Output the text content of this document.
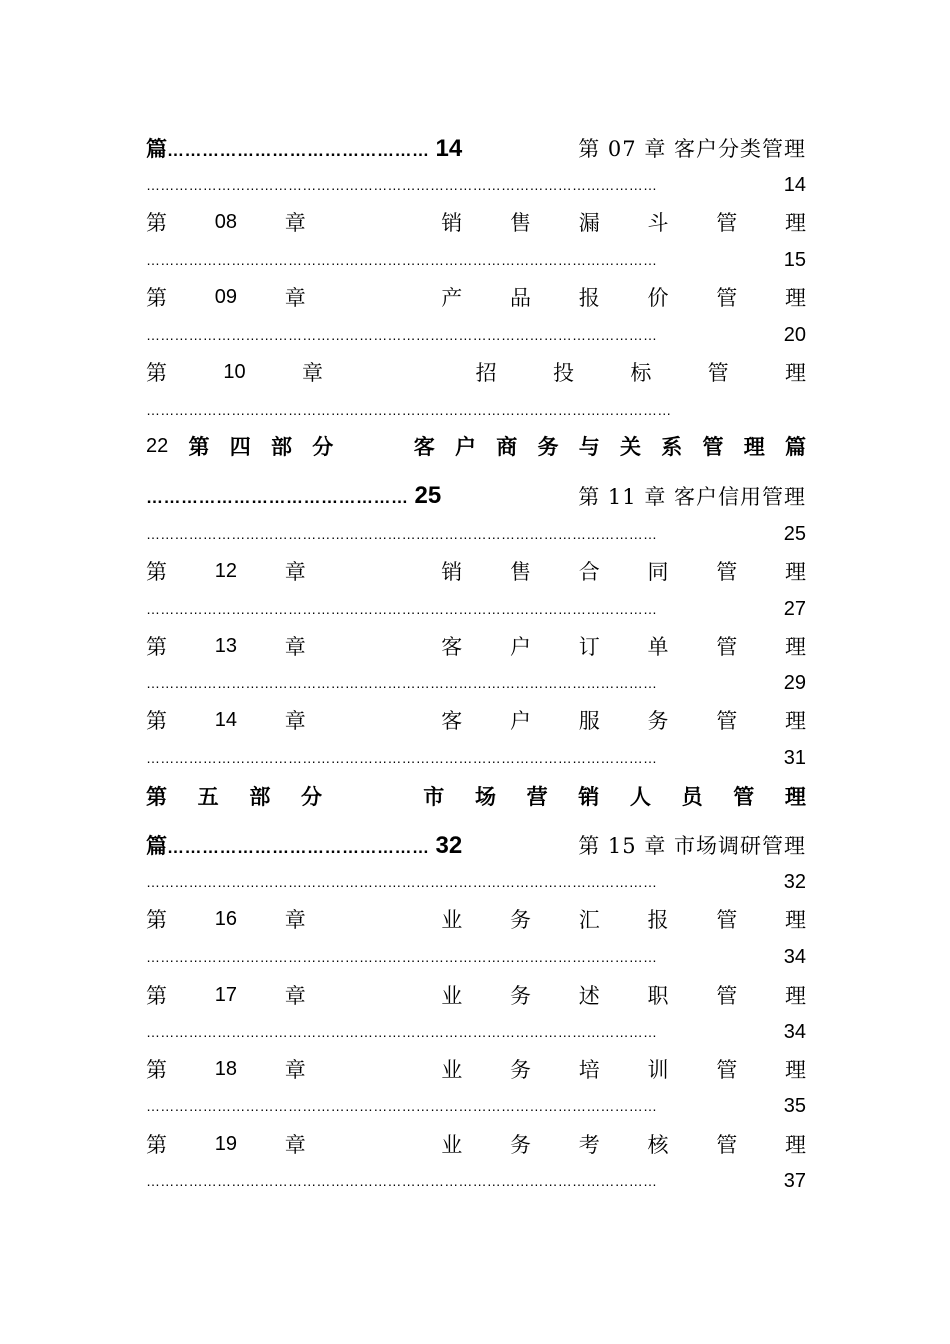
篇……………………………………… 14	第 07 章 客户分类管理
………………………………………………………………………………………………	14
第 08 章	销 售 漏 斗 管 理
………………………………………………………………………………………………	15
第 09 章	产 品 报 价 管 理
………………………………………………………………………………………………	20
第	10	章	招	投	标	管	理
…………………………………………………………………………………………………
22 第 四 部 分	客 户 商 务 与 关 系 管 理 篇
……………………………………… 25	第 11 章 客户信用管理
………………………………………………………………………………………………	25
第 12 章	销 售 合 同 管 理
………………………………………………………………………………………………	27
第 13 章	客 户 订 单 管 理
………………………………………………………………………………………………	29
第 14 章	客 户 服 务 管 理
………………………………………………………………………………………………	31
第 五 部 分	市 场 营 销 人 员 管 理
篇……………………………………… 32	第 15 章 市场调研管理
………………………………………………………………………………………………	32
第 16 章	业 务 汇 报 管 理
………………………………………………………………………………………………	34
第 17 章	业 务 述 职 管 理
………………………………………………………………………………………………	34
第 18 章	业 务 培 训 管 理
………………………………………………………………………………………………	35
第 19 章	业 务 考 核 管 理
………………………………………………………………………………………………	37
